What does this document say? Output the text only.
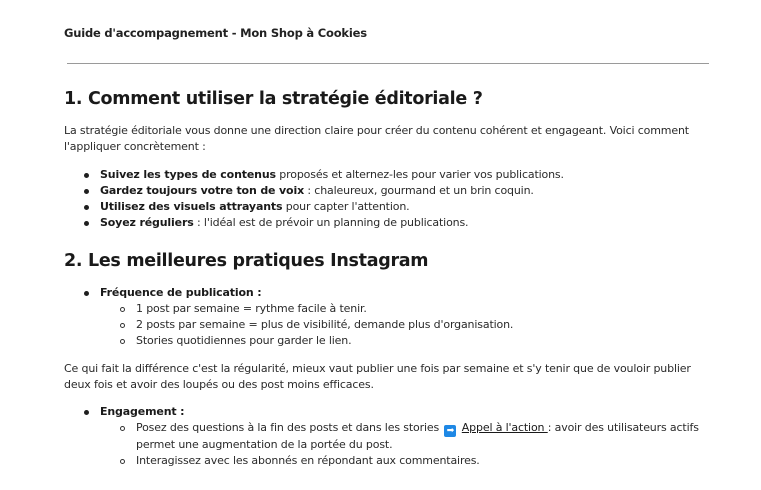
Guide d'accompagnement - Mon Shop à Cookies
1. Comment utiliser la stratégie éditoriale ?

La stratégie éditoriale vous donne une direction claire pour créer du contenu cohérent et engageant. Voici comment l'appliquer concrètement :

Suivez les types de contenus proposés et alternez-les pour varier vos publications.
Gardez toujours votre ton de voix : chaleureux, gourmand et un brin coquin.
Utilisez des visuels attrayants pour capter l'attention.
Soyez réguliers : l'idéal est de prévoir un planning de publications.
2. Les meilleures pratiques Instagram
Fréquence de publication :
1 post par semaine = rythme facile à tenir.
2 posts par semaine = plus de visibilité, demande plus d'organisation.
Stories quotidiennes pour garder le lien.

Ce qui fait la différence c'est la régularité, mieux vaut publier une fois par semaine et s'y tenir que de vouloir publier deux fois et avoir des loupés ou des post moins efficaces.

Engagement :
Posez des questions à la fin des posts et dans les stories ➡ Appel à l'action : avoir des utilisateurs actifs permet une augmentation de la portée du post.
Interagissez avec les abonnés en répondant aux commentaires.
